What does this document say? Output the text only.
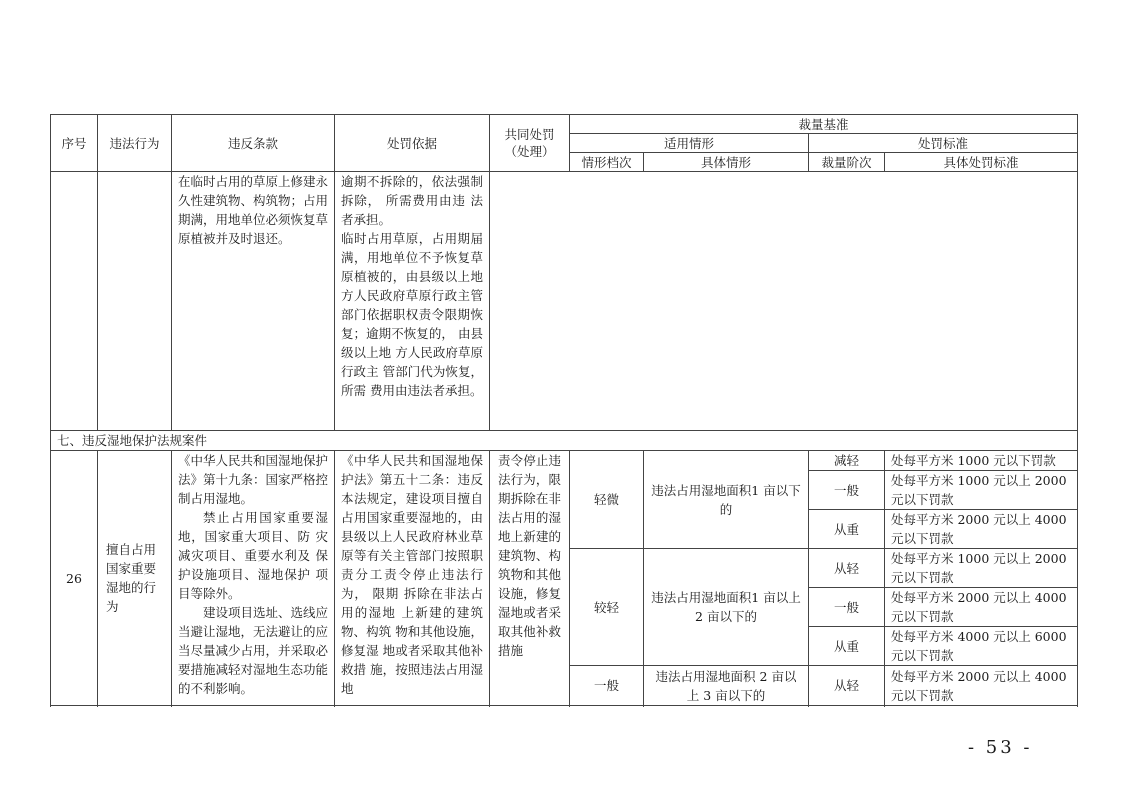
序号	违法行为	违反条款	处罚依据	共同处罚
（处理）	裁量基准			
					适用情形		处罚标准	
					情形档次	具体情形	裁量阶次	具体处罚标准
		在临时占用的草原上修建永久性建筑物、构筑物；占用期满，用地单位必须恢复草原植被并及时退还。	逾期不拆除的，依法强制拆除， 所需费用由违 法者承担。
临时占用草原，占用期届满，用地单位不予恢复草原植被的，由县级以上地方人民政府草原行政主管部门依据职权责令限期恢复；逾期不恢复的， 由县级以上地 方人民政府草原行政主 管部门代为恢复， 所需 费用由违法者承担。					

七、违反湿地保护法规案件								
26	擅自占用国家重要湿地的行为	《中华人民共和国湿地保护法》第十九条：国家严格控制占用湿地。
禁止占用国家重要湿地，国家重大项目、防 灾减灾项目、重要水利及 保护设施项目、湿地保护 项目等除外。
建设项目选址、选线应当避让湿地，无法避让的应当尽量减少占用，并采取必要措施减轻对湿地生态功能的不利影响。	《中华人民共和国湿地保护法》第五十二条：违反本法规定，建设项目擅自占用国家重要湿地的，由县级以上人民政府林业草原等有关主管部门按照职责分工责令停止违法行为， 限期 拆除在非法占用的湿地 上新建的建筑物、构筑 物和其他设施，修复湿 地或者采取其他补救措 施，按照违法占用湿地	责令停止违法行为，限期拆除在非法占用的湿地上新建的建筑物、构筑物和其他设施，修复湿地或者采取其他补救措施	轻微	违法占用湿地面积1 亩以下的	减轻	处每平方米 1000 元以下罚款
							一般	处每平方米 1000 元以上 2000 元以下罚款

							从重	处每平方米 2000 元以上 4000 元以下罚款
					较轻	违法占用湿地面积1 亩以上 2 亩以下的	从轻	处每平方米 1000 元以上 2000 元以下罚款
							一般	处每平方米 2000 元以上 4000 元以下罚款
							从重	处每平方米 4000 元以上 6000 元以下罚款
					一般	违法占用湿地面积 2 亩以 上 3 亩以下的	从轻	处每平方米 2000 元以上 4000 元以下罚款

- 53 -
